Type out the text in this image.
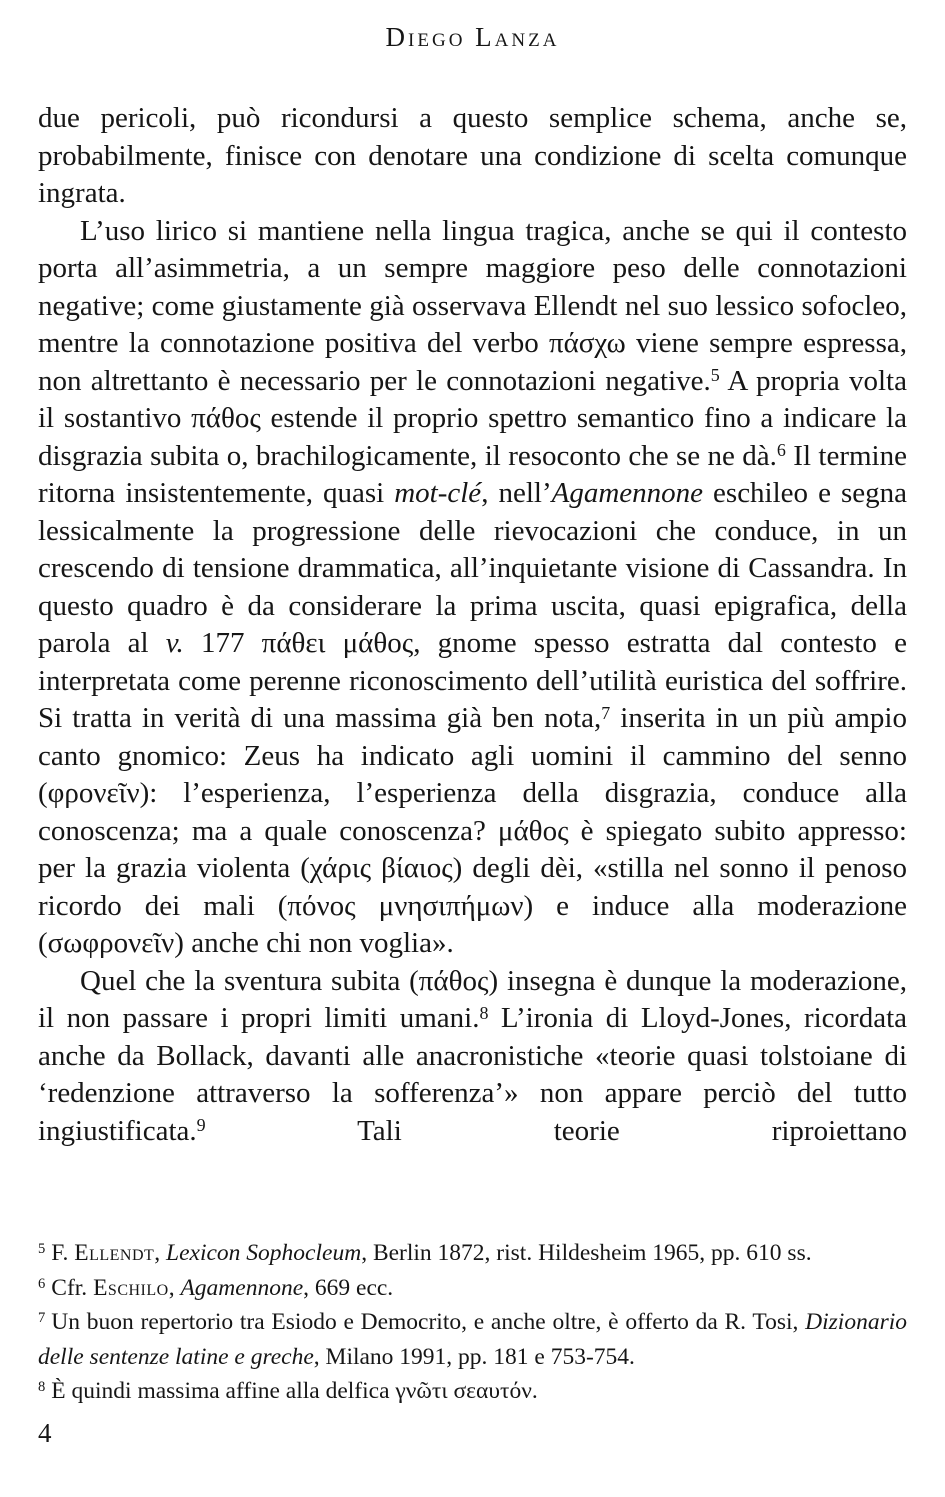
Diego Lanza

due pericoli, può ricondursi a questo semplice schema, anche se, probabilmente, finisce con denotare una condizione di scelta comunque ingrata.

L’uso lirico si mantiene nella lingua tragica, anche se qui il contesto porta all’asimmetria, a un sempre maggiore peso delle connotazioni negative; come giustamente già osservava Ellendt nel suo lessico sofocleo, mentre la connotazione positiva del verbo πάσχω viene sempre espressa, non altrettanto è necessario per le connotazioni negative.$^5$ A propria volta il sostantivo πάθος estende il proprio spettro semantico fino a indicare la disgrazia subita o, brachilogicamente, il resoconto che se ne dà.$^6$ Il termine ritorna insistentemente, quasi mot-clé, nell’Agamennone eschileo e segna lessicalmente la progressione delle rievocazioni che conduce, in un crescendo di tensione drammatica, all’inquietante visione di Cassandra. In questo quadro è da considerare la prima uscita, quasi epigrafica, della parola al v. 177 πάθει μάθος, gnome spesso estratta dal contesto e interpretata come perenne riconoscimento dell’utilità euristica del soffrire. Si tratta in verità di una massima già ben nota,$^7$ inserita in un più ampio canto gnomico: Zeus ha indicato agli uomini il cammino del senno (φρονεῖν): l’esperienza, l’esperienza della disgrazia, conduce alla conoscenza; ma a quale conoscenza? μάθος è spiegato subito appresso: per la grazia violenta (χάρις βίαιος) degli dèi, «stilla nel sonno il penoso ricordo dei mali (πόνος μνησιπήμων) e induce alla moderazione (σωφρονεῖν) anche chi non voglia».

Quel che la sventura subita (πάθος) insegna è dunque la moderazione, il non passare i propri limiti umani.$^8$ L’ironia di Lloyd-Jones, ricordata anche da Bollack, davanti alle anacronistiche «teorie quasi tolstoiane di ‘redenzione attraverso la sofferenza’» non appare perciò del tutto ingiustificata.$^9$ Tali teorie riproiettano

$^5$ F. Ellendt, Lexicon Sophocleum, Berlin 1872, rist. Hildesheim 1965, pp. 610 ss.

$^6$ Cfr. Eschilo, Agamennone, 669 ecc.

$^7$ Un buon repertorio tra Esiodo e Democrito, e anche oltre, è offerto da R. Tosi, Dizionario delle sentenze latine e greche, Milano 1991, pp. 181 e 753-754.

$^8$ È quindi massima affine alla delfica γνῶτι σεαυτόν.

4
